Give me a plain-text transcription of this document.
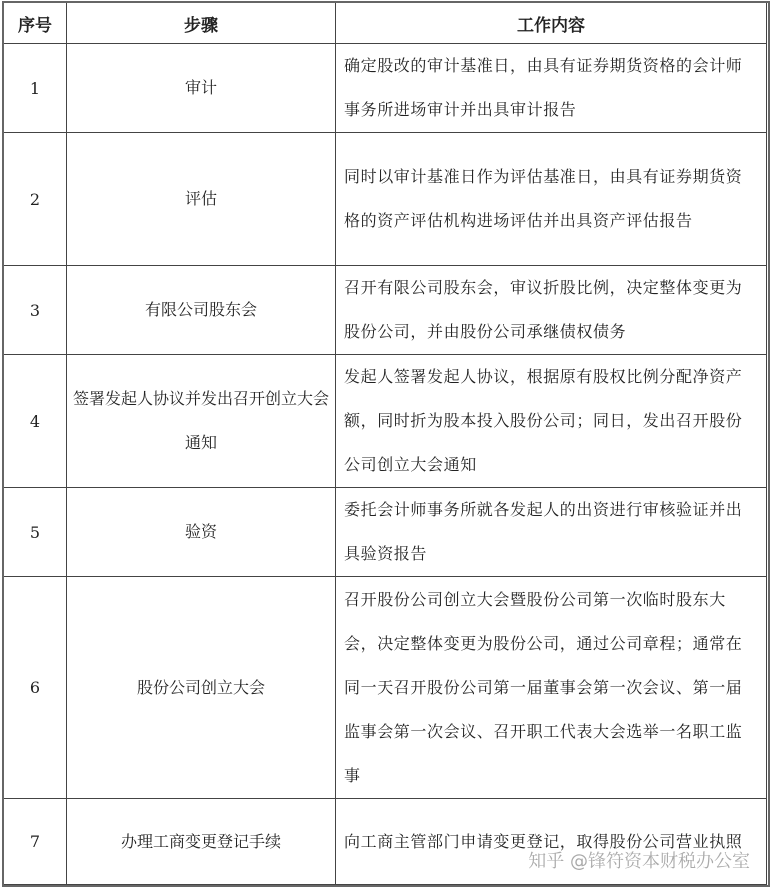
序号	步骤	工作内容
1	审计	确定股改的审计基准日，由具有证券期货资格的会计师事务所进场审计并出具审计报告
2	评估	同时以审计基准日作为评估基准日，由具有证券期货资格的资产评估机构进场评估并出具资产评估报告
3	有限公司股东会	召开有限公司股东会，审议折股比例，决定整体变更为股份公司，并由股份公司承继债权债务
4	签署发起人协议并发出召开创立大会通知	发起人签署发起人协议，根据原有股权比例分配净资产额，同时折为股本投入股份公司；同日，发出召开股份公司创立大会通知
5	验资	委托会计师事务所就各发起人的出资进行审核验证并出具验资报告
6	股份公司创立大会	召开股份公司创立大会暨股份公司第一次临时股东大会，决定整体变更为股份公司，通过公司章程；通常在同一天召开股份公司第一届董事会第一次会议、第一届监事会第一次会议、召开职工代表大会选举一名职工监事
7	办理工商变更登记手续	向工商主管部门申请变更登记，取得股份公司营业执照
知乎 @锋符资本财税办公室
